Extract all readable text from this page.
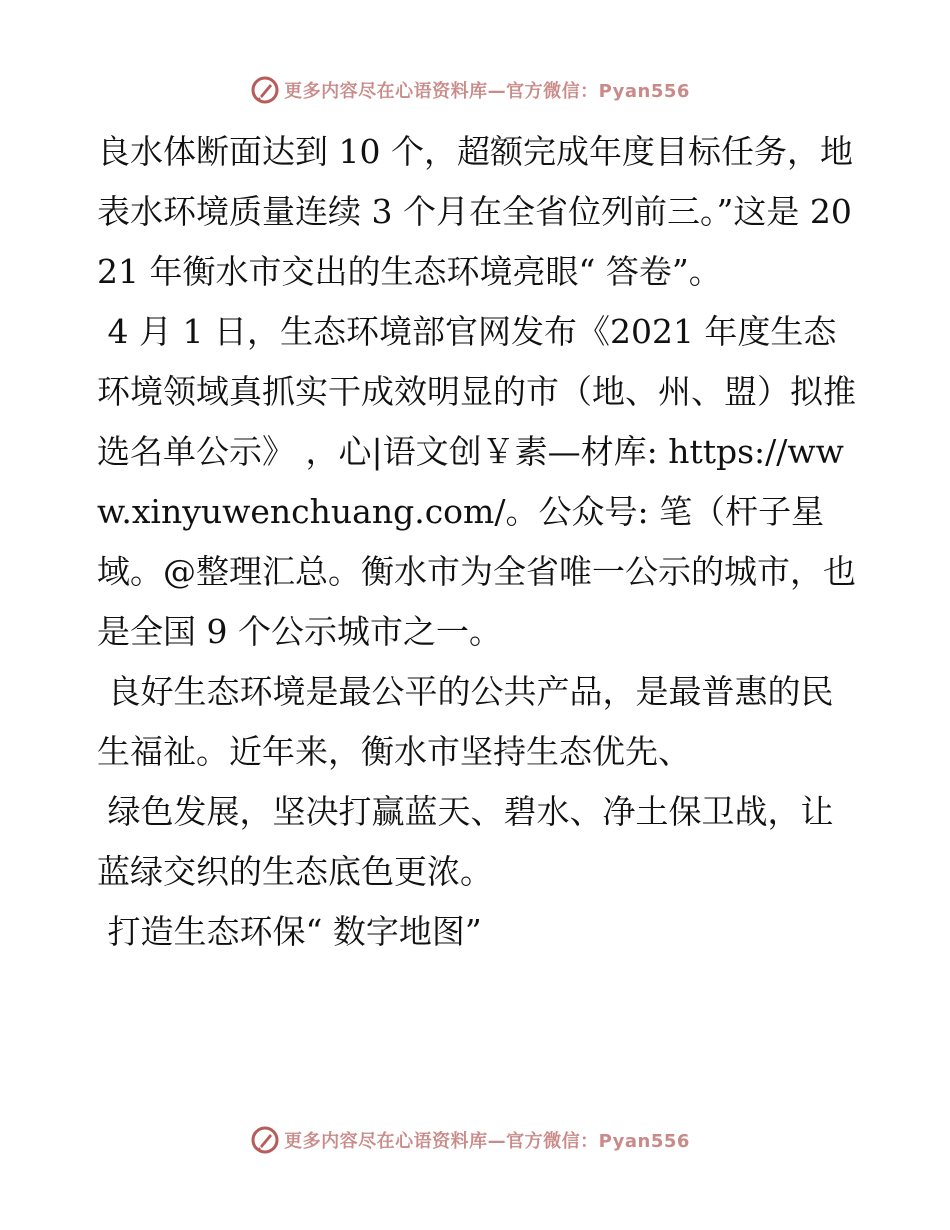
更多内容尽在心语资料库—官方微信：Pyan556

良水体断面达到 10 个，超额完成年度目标任务，地表水环境质量连续 3 个月在全省位列前三。”这是 2021 年衡水市交出的生态环境亮眼“ 答卷”。

4 月 1 日，生态环境部官网发布《2021 年度生态环境领域真抓实干成效明显的市（地、州、盟）拟推选名单公示》 ，心|语文创￥素—材库: https://www.xinyuwenchuang.com/。公众号: 笔（杆子星域。@整理汇总。衡水市为全省唯一公示的城市，也是全国 9 个公示城市之一。

良好生态环境是最公平的公共产品，是最普惠的民生福祉。近年来，衡水市坚持生态优先、

绿色发展，坚决打赢蓝天、碧水、净土保卫战，让蓝绿交织的生态底色更浓。

打造生态环保“ 数字地图”

更多内容尽在心语资料库—官方微信：Pyan556
